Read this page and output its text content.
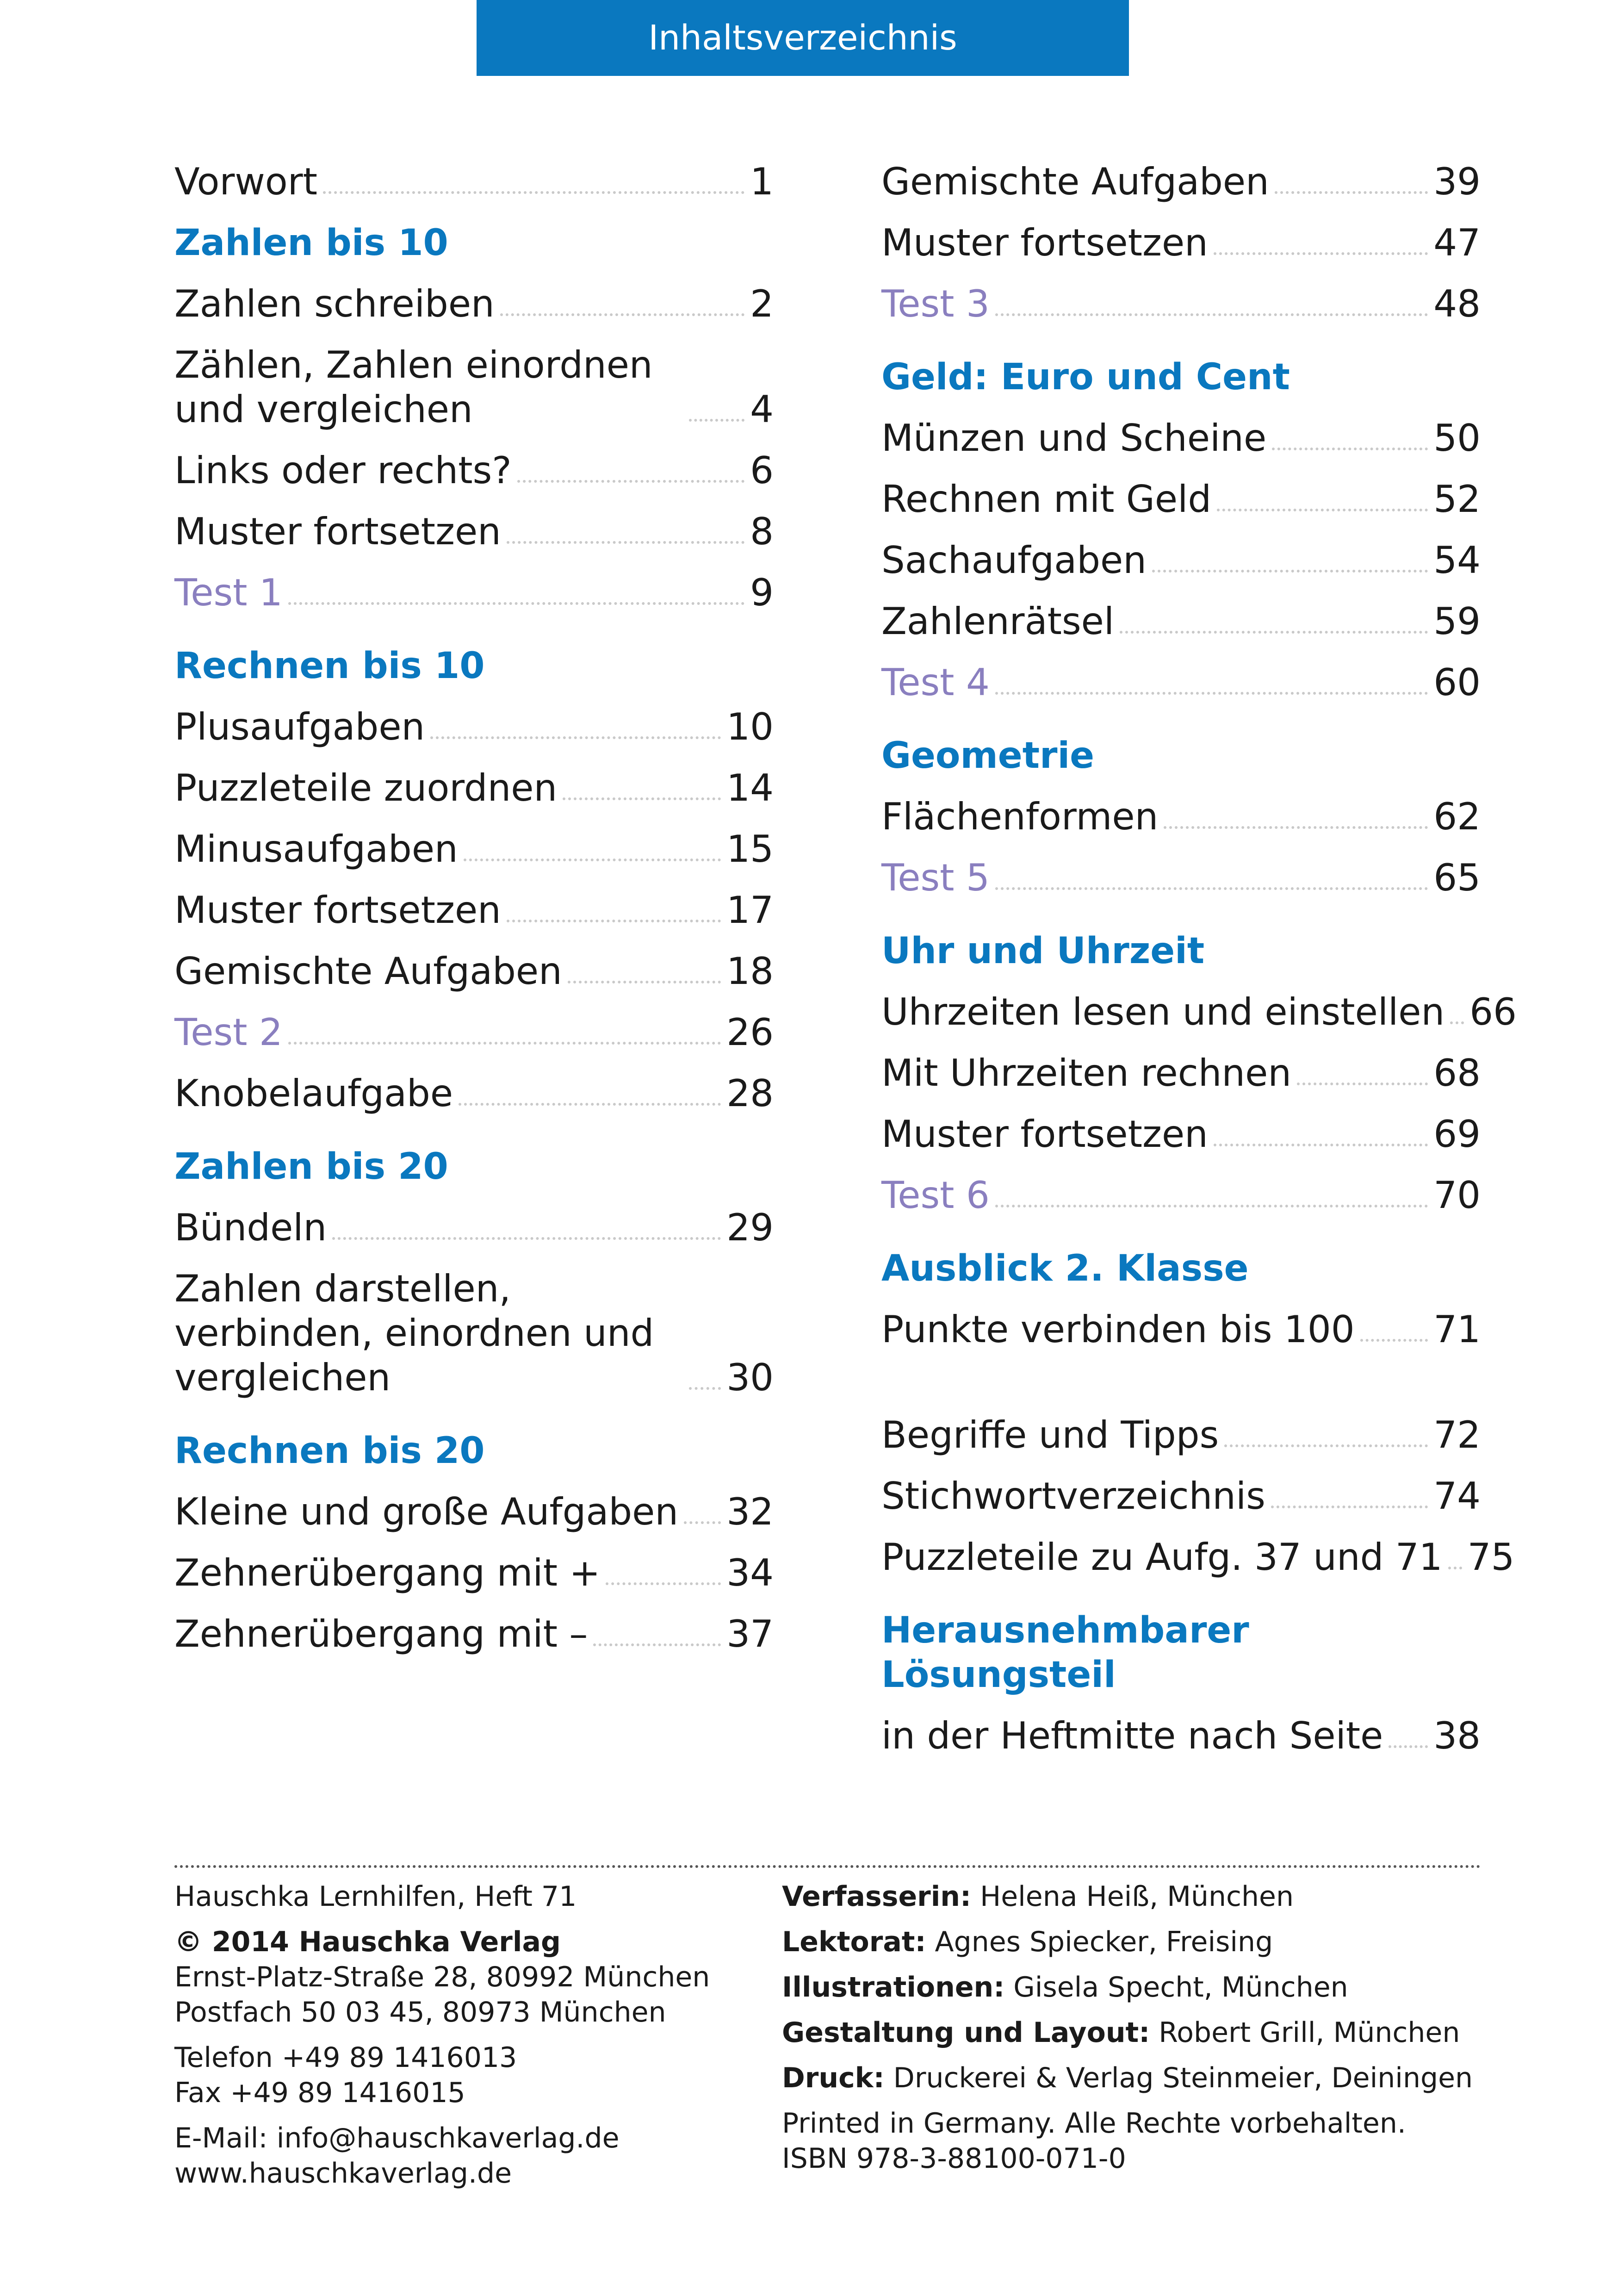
Inhaltsverzeichnis
Vorwort	1
Zahlen bis 10
Zahlen schreiben	2
Zählen, Zahlen einordnen und vergleichen	4
Links oder rechts?	6
Muster fortsetzen	8
Test 1	9
Rechnen bis 10
Plusaufgaben	10
Puzzleteile zuordnen	14
Minusaufgaben	15
Muster fortsetzen	17
Gemischte Aufgaben	18
Test 2	26
Knobelaufgabe	28
Zahlen bis 20
Bündeln	29
Zahlen darstellen, verbinden, einordnen und vergleichen	30
Rechnen bis 20
Kleine und große Aufgaben 32
Zehnerübergang mit +	34
Zehnerübergang mit –	37
Gemischte Aufgaben	39
Muster fortsetzen	47
Test 3	48
Geld: Euro und Cent
Münzen und Scheine	50
Rechnen mit Geld	52
Sachaufgaben	54
Zahlenrätsel	59
Test 4	60
Geometrie
Flächenformen	62
Test 5	65
Uhr und Uhrzeit
Uhrzeiten lesen und einstellen 66
Mit Uhrzeiten rechnen	68
Muster fortsetzen	69
Test 6	70
Ausblick 2. Klasse
Punkte verbinden bis 100 71
Begriffe und Tipps	72
Stichwortverzeichnis	74
Puzzleteile zu Aufg. 37 und 71 75
Herausnehmbarer Lösungsteil
in der Heftmitte nach Seite 38

Hauschka Lernhilfen, Heft 71

© 2014 Hauschka Verlag
Ernst-Platz-Straße 28, 80992 München
Postfach 50 03 45, 80973 München

Telefon +49 89 1416013
Fax +49 89 1416015

E-Mail: info@hauschkaverlag.de
www.hauschkaverlag.de

Verfasserin: Helena Heiß, München

Lektorat: Agnes Spiecker, Freising

Illustrationen: Gisela Specht, München

Gestaltung und Layout: Robert Grill, München

Druck: Druckerei & Verlag Steinmeier, Deiningen

Printed in Germany. Alle Rechte vorbehalten.
ISBN 978-3-88100-071-0
